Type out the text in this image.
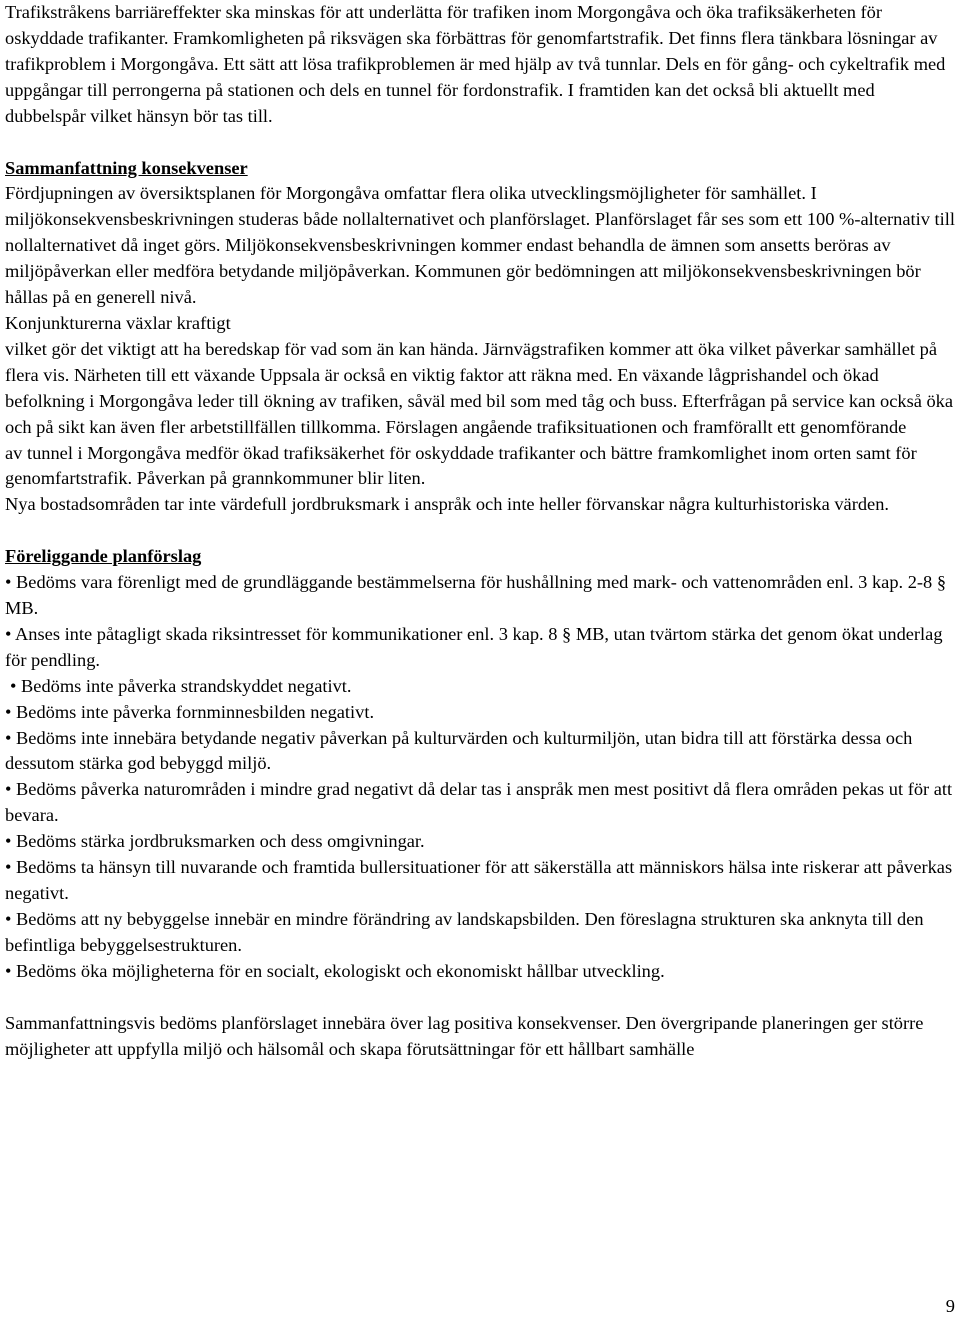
Trafikstråkens barriäreffekter ska minskas för att underlätta för trafiken inom Morgongåva och öka trafiksäkerheten för oskyddade trafikanter. Framkomligheten på riksvägen ska förbättras för genomfartstrafik. Det finns flera tänkbara lösningar av trafikproblem i Morgongåva. Ett sätt att lösa trafikproblemen är med hjälp av två tunnlar. Dels en för gång- och cykeltrafik med uppgångar till perrongerna på stationen och dels en tunnel för fordonstrafik. I framtiden kan det också bli aktuellt med dubbelspår vilket hänsyn bör tas till.

Sammanfattning konsekvenser

Fördjupningen av översiktsplanen för Morgongåva omfattar flera olika utvecklingsmöjligheter för samhället. I miljökonsekvensbeskrivningen studeras både nollalternativet och planförslaget. Planförslaget får ses som ett 100 %-alternativ till nollalternativet då inget görs. Miljökonsekvensbeskrivningen kommer endast behandla de ämnen som ansetts beröras av miljöpåverkan eller medföra betydande miljöpåverkan. Kommunen gör bedömningen att miljökonsekvensbeskrivningen bör hållas på en generell nivå.

Konjunkturerna växlar kraftigt

vilket gör det viktigt att ha beredskap för vad som än kan hända. Järnvägstrafiken kommer att öka vilket påverkar samhället på flera vis. Närheten till ett växande Uppsala är också en viktig faktor att räkna med. En växande lågprishandel och ökad befolkning i Morgongåva leder till ökning av trafiken, såväl med bil som med tåg och buss. Efterfrågan på service kan också öka och på sikt kan även fler arbetstillfällen tillkomma. Förslagen angående trafiksituationen och framförallt ett genomförande

av tunnel i Morgongåva medför ökad trafiksäkerhet för oskyddade trafikanter och bättre framkomlighet inom orten samt för genomfartstrafik. Påverkan på grannkommuner blir liten.

Nya bostadsområden tar inte värdefull jordbruksmark i anspråk och inte heller förvanskar några kulturhistoriska värden.

Föreliggande planförslag

• Bedöms vara förenligt med de grundläggande bestämmelserna för hushållning med mark- och vattenområden enl. 3 kap. 2-8 § MB.

• Anses inte påtagligt skada riksintresset för kommunikationer enl. 3 kap. 8 § MB, utan tvärtom stärka det genom ökat underlag för pendling.

• Bedöms inte påverka strandskyddet negativt.

• Bedöms inte påverka fornminnesbilden negativt.

• Bedöms inte innebära betydande negativ påverkan på kulturvärden och kulturmiljön, utan bidra till att förstärka dessa och dessutom stärka god bebyggd miljö.

• Bedöms påverka naturområden i mindre grad negativt då delar tas i anspråk men mest positivt då flera områden pekas ut för att bevara.

• Bedöms stärka jordbruksmarken och dess omgivningar.

• Bedöms ta hänsyn till nuvarande och framtida bullersituationer för att säkerställa att människors hälsa inte riskerar att påverkas negativt.

• Bedöms att ny bebyggelse innebär en mindre förändring av landskapsbilden. Den föreslagna strukturen ska anknyta till den befintliga bebyggelsestrukturen.

• Bedöms öka möjligheterna för en socialt, ekologiskt och ekonomiskt hållbar utveckling.

Sammanfattningsvis bedöms planförslaget innebära över lag positiva konsekvenser. Den övergripande planeringen ger större möjligheter att uppfylla miljö och hälsomål och skapa förutsättningar för ett hållbart samhälle

9
